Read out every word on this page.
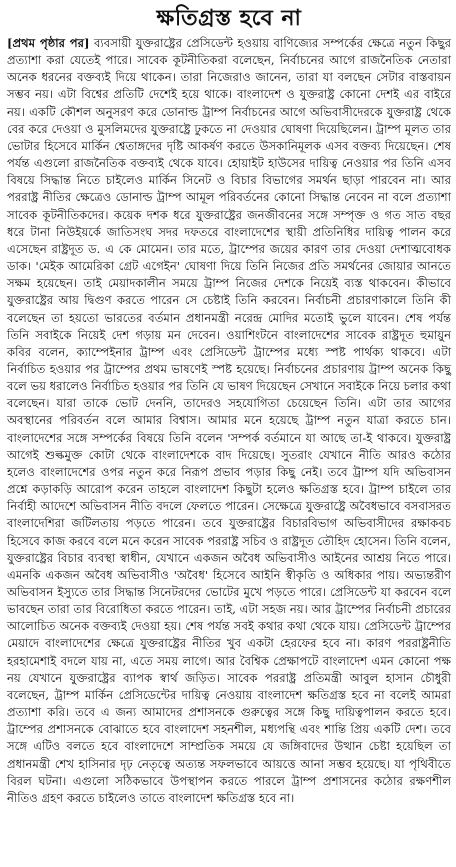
ক্ষতিগ্রস্ত হবে না

[প্রথম পৃষ্ঠার পর] ব্যবসায়ী যুক্তরাষ্ট্রের প্রেসিডেন্ট হওয়ায় বাণিজ্যের সম্পর্কের ক্ষেত্রে নতুন কিছুর প্রত্যাশা করা যেতেই পারে। সাবেক কূটনীতিকরা বলেছেন, নির্বাচনের আগে রাজনৈতিক নেতারা অনেক ধরনের বক্তব্যই দিয়ে থাকেন। তারা নিজেরাও জানেন, তারা যা বলছেন সেটার বাস্তবায়ন সম্ভব নয়। এটা বিশ্বের প্রতিটি দেশেই হয়ে থাকে। বাংলাদেশ ও যুক্তরাষ্ট্র কোনো দেশই এর বাইরে নয়। একটি কৌশল অনুসরণ করে ডোনাল্ড ট্রাম্প নির্বাচনের আগে অভিবাসীদেরকে যুক্তরাষ্ট্র থেকে বের করে দেওয়া ও মুসলিমদের যুক্তরাষ্ট্রে ঢুকতে না দেওয়ার ঘোষণা দিয়েছিলেন। ট্রাম্প মূলত তার ভোটার হিসেবে মার্কিন শ্বেতাঙ্গদের দৃষ্টি আকর্ষণ করতে উসকানিমূলক এসব বক্তব্য দিয়েছেন। শেষ পর্যন্ত এগুলো রাজনৈতিক বক্তব্যই থেকে যাবে। হোয়াইট হাউসের দায়িত্ব নেওয়ার পর তিনি এসব বিষয়ে সিদ্ধান্ত নিতে চাইলেও মার্কিন সিনেট ও বিচার বিভাগের সমর্থন ছাড়া পারবেন না। আর পররাষ্ট্র নীতির ক্ষেত্রেও ডোনাল্ড ট্রাম্প আমূল পরিবর্তনের কোনো সিদ্ধান্ত নেবেন না বলে প্রত্যাশা সাবেক কূটনীতিকদের। কয়েক দশক ধরে যুক্তরাষ্ট্রের জনজীবনের সঙ্গে সম্পৃক্ত ও গত সাত বছর ধরে টানা নিউইয়র্কে জাতিসংঘ সদর দফতরে বাংলাদেশের স্থায়ী প্রতিনিধির দায়িত্ব পালন করে এসেছেন রাষ্ট্রদূত ড. এ কে মোমেন। তার মতে, ট্রাম্পের জয়ের কারণ তার দেওয়া দেশাত্মবোধক ডাক। 'মেইক আমেরিকা গ্রেট এগেইন' ঘোষণা দিয়ে তিনি নিজের প্রতি সমর্থনের জোয়ার আনতে সক্ষম হয়েছেন। তাই মেয়াদকালীন সময়ে ট্রাম্প নিজের দেশকে নিয়েই ব্যস্ত থাকবেন। কীভাবে যুক্তরাষ্ট্রের আয় দ্বিগুণ করতে পারেন সে চেষ্টাই তিনি করবেন। নির্বাচনী প্রচারণাকালে তিনি কী বলেছেন তা হয়তো ভারতের বর্তমান প্রধানমন্ত্রী নরেন্দ্র মোদির মতোই ভুলে যাবেন। শেষ পর্যন্ত তিনি সবাইকে নিয়েই দেশ গড়ায় মন দেবেন। ওয়াশিংটনে বাংলাদেশের সাবেক রাষ্ট্রদূত হুমায়ুন কবির বলেন, ক্যাম্পেইনার ট্রাম্প এবং প্রেসিডেন্ট ট্রাম্পের মধ্যে স্পষ্ট পার্থক্য থাকবে। এটা নির্বাচিত হওয়ার পর ট্রাম্পের প্রথম ভাষণেই স্পষ্ট হয়েছে। নির্বাচনের প্রচারণায় ট্রাম্প অনেক কিছু বলে ভয় ধরালেও নির্বাচিত হওয়ার পর তিনি যে ভাষণ দিয়েছেন সেখানে সবাইকে নিয়ে চলার কথা বলেছেন। যারা তাকে ভোট দেননি, তাদেরও সহযোগিতা চেয়েছেন তিনি। এটা তার আগের অবস্থানের পরিবর্তন বলে আমার বিশ্বাস। আমার মনে হয়েছে ট্রাম্প নতুন যাত্রা করতে চান। বাংলাদেশের সঙ্গে সম্পর্কের বিষয়ে তিনি বলেন 'সম্পর্ক বর্তমানে যা আছে তা-ই থাকবে। যুক্তরাষ্ট্র আগেই শুল্কমুক্ত কোটা থেকে বাংলাদেশকে বাদ দিয়েছে। সুতরাং যেখানে নীতি আরও কঠোর হলেও বাংলাদেশের ওপর নতুন করে নিরূপ প্রভাব পড়ার কিছু নেই। তবে ট্রাম্প যদি অভিবাসন প্রশ্নে কড়াকড়ি আরোপ করেন তাহলে বাংলাদেশ কিছুটা হলেও ক্ষতিগ্রস্ত হবে। ট্রাম্প চাইলে তার নির্বাহী আদেশে অভিবাসন নীতি বদলে ফেলতে পারেন। সেক্ষেত্রে যুক্তরাষ্ট্রে অবৈধভাবে বসবাসরত বাংলাদেশিরা জটিলতায় পড়তে পারেন। তবে যুক্তরাষ্ট্রের বিচারবিভাগ অভিবাসীদের রক্ষাকবচ হিসেবে কাজ করবে বলে মনে করেন সাবেক পররাষ্ট্র সচিব ও রাষ্ট্রদূত তৌহিদ হোসেন। তিনি বলেন, যুক্তরাষ্ট্রের বিচার ব্যবস্থা স্বাধীন, যেখানে একজন অবৈধ অভিবাসীও আইনের আশ্রয় নিতে পারে। এমনকি একজন অবৈধ অভিবাসীও 'অবৈধ' হিসেবে আইনি স্বীকৃতি ও অধিকার পায়। অভ্যন্তরীণ অভিবাসন ইস্যুতে তার সিদ্ধান্ত সিনেটরদের ভোটের মুখে পড়তে পারে। প্রেসিডেন্ট যা করবেন বলে ভাবছেন তারা তার বিরোধিতা করতে পারেন। তাই, এটা সহজ নয়। আর ট্রাম্পের নির্বাচনী প্রচারের আলোচিত অনেক বক্তব্যই দেওয়া হয়। শেষ পর্যন্ত সবই কথার কথা থেকে যায়। প্রেসিডেন্ট ট্রাম্পের মেয়াদে বাংলাদেশের ক্ষেত্রে যুক্তরাষ্ট্রের নীতির খুব একটা হেরফের হবে না। কারণ পররাষ্ট্রনীতি হরহামেশাই বদলে যায় না, এতে সময় লাগে। আর বৈশ্বিক প্রেক্ষাপটে বাংলাদেশ এমন কোনো পক্ষ নয় যেখানে যুক্তরাষ্ট্রের ব্যাপক স্বার্থ জড়িত। সাবেক পররাষ্ট্র প্রতিমন্ত্রী আবুল হাসান চৌধুরী বলেছেন, ট্রাম্প মার্কিন প্রেসিডেন্টের দায়িত্ব নেওয়ায় বাংলাদেশ ক্ষতিগ্রস্ত হবে না বলেই আমরা প্রত্যাশা করি। তবে এ জন্য আমাদের প্রশাসনকে গুরুত্বের সঙ্গে কিছু দায়িত্বপালন করতে হবে। ট্রাম্পের প্রশাসনকে বোঝাতে হবে বাংলাদেশ সহনশীল, মধ্যপন্থি এবং শান্তি প্রিয় একটি দেশ। তবে সঙ্গে এটিও বলতে হবে বাংলাদেশে সাম্প্রতিক সময়ে যে জঙ্গিবাদের উত্থান চেষ্টা হয়েছিল তা প্রধানমন্ত্রী শেখ হাসিনার দৃঢ় নেতৃত্বে অত্যন্ত সফলভাবে আয়ত্তে আনা সম্ভব হয়েছে। যা পৃথিবীতে বিরল ঘটনা। এগুলো সঠিকভাবে উপস্থাপন করতে পারলে ট্রাম্প প্রশাসনের কঠোর রক্ষণশীল নীতিও গ্রহণ করতে চাইলেও তাতে বাংলাদেশ ক্ষতিগ্রস্ত হবে না।
